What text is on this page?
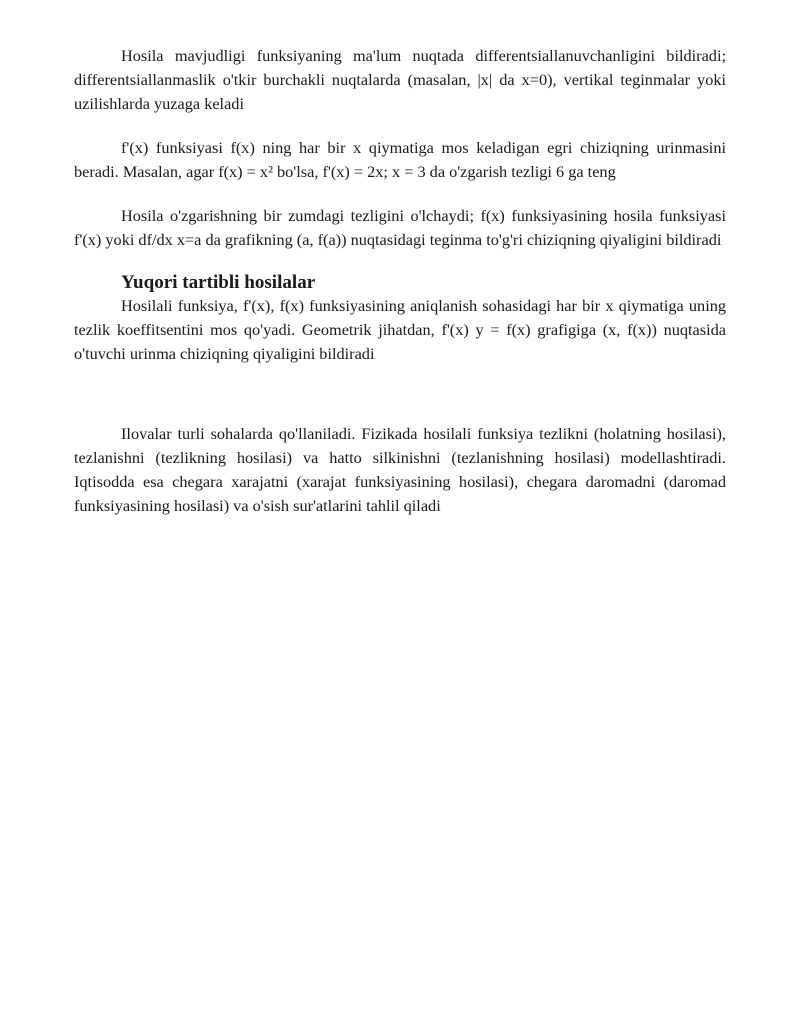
Hosila mavjudligi funksiyaning ma'lum nuqtada differentsiallanuvchanligini bildiradi; differentsiallanmaslik o'tkir burchakli nuqtalarda (masalan, |x| da x=0), vertikal teginmalar yoki uzilishlarda yuzaga keladi

f'(x) funksiyasi f(x) ning har bir x qiymatiga mos keladigan egri chiziqning urinmasini beradi. Masalan, agar f(x) = x² bo'lsa, f'(x) = 2x; x = 3 da o'zgarish tezligi 6 ga teng

Hosila o'zgarishning bir zumdagi tezligini o'lchaydi; f(x) funksiyasining hosila funksiyasi f'(x) yoki df/dx x=a da grafikning (a, f(a)) nuqtasidagi teginma to'g'ri chiziqning qiyaligini bildiradi

Yuqori tartibli hosilalar

Hosilali funksiya, f'(x), f(x) funksiyasining aniqlanish sohasidagi har bir x qiymatiga uning tezlik koeffitsentini mos qo'yadi. Geometrik jihatdan, f'(x) y = f(x) grafigiga (x, f(x)) nuqtasida o'tuvchi urinma chiziqning qiyaligini bildiradi

Ilovalar turli sohalarda qo'llaniladi. Fizikada hosilali funksiya tezlikni (holatning hosilasi), tezlanishni (tezlikning hosilasi) va hatto silkinishni (tezlanishning hosilasi) modellashtiradi. Iqtisodda esa chegara xarajatni (xarajat funksiyasining hosilasi), chegara daromadni (daromad funksiyasining hosilasi) va o'sish sur'atlarini tahlil qiladi
